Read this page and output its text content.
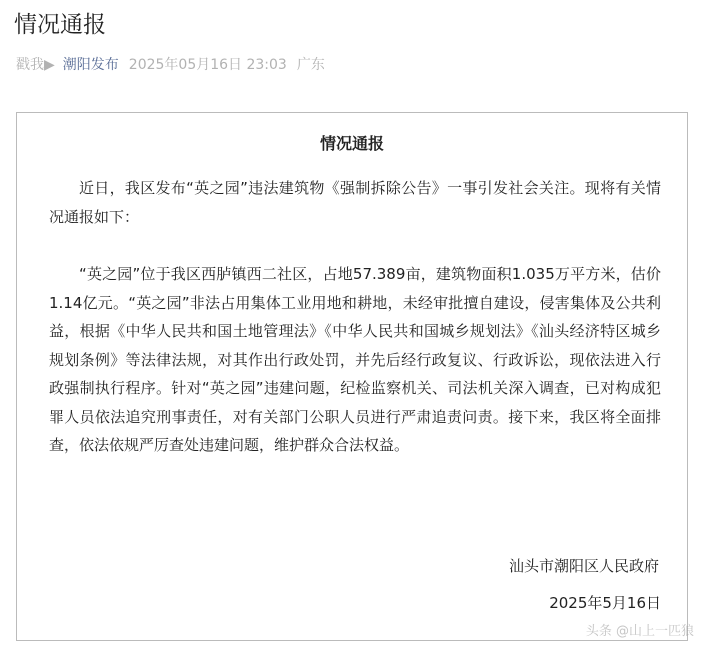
情况通报
戳我▶ 潮阳发布 2025年05月16日 23:03 广东
情况通报

近日，我区发布“英之园”违法建筑物《强制拆除公告》一事引发社会关注。现将有关情况通报如下：

“英之园”位于我区西胪镇西二社区，占地57.389亩，建筑物面积1.035万平方米，估价1.14亿元。“英之园”非法占用集体工业用地和耕地，未经审批擅自建设，侵害集体及公共利益，根据《中华人民共和国土地管理法》《中华人民共和国城乡规划法》《汕头经济特区城乡规划条例》等法律法规，对其作出行政处罚，并先后经行政复议、行政诉讼，现依法进入行政强制执行程序。针对“英之园”违建问题，纪检监察机关、司法机关深入调查，已对构成犯罪人员依法追究刑事责任，对有关部门公职人员进行严肃追责问责。接下来，我区将全面排查，依法依规严厉查处违建问题，维护群众合法权益。

汕头市潮阳区人民政府
2025年5月16日
头条 @山上一匹狼
